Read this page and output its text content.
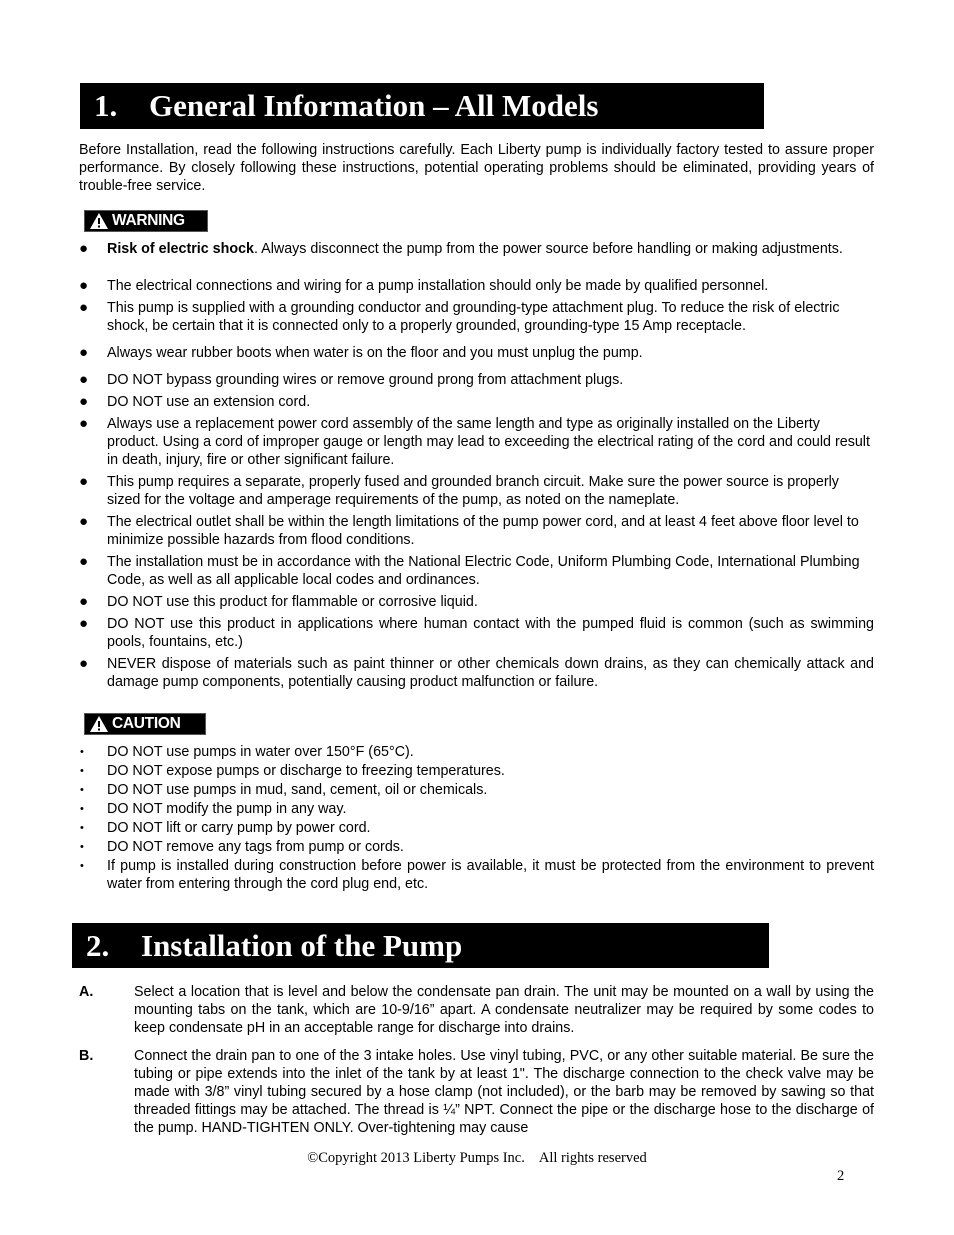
1.	General Information – All Models
Before Installation, read the following instructions carefully. Each Liberty pump is individually factory tested to assure proper performance. By closely following these instructions, potential operating problems should be eliminated, providing years of trouble-free service.
WARNING
●	Risk of electric shock. Always disconnect the pump from the power source before handling or making adjustments.
●	The electrical connections and wiring for a pump installation should only be made by qualified personnel.
●	This pump is supplied with a grounding conductor and grounding-type attachment plug. To reduce the risk of electric shock, be certain that it is connected only to a properly grounded, grounding-type 15 Amp receptacle.
●	Always wear rubber boots when water is on the floor and you must unplug the pump.
●	DO NOT bypass grounding wires or remove ground prong from attachment plugs.
●	DO NOT use an extension cord.
●	Always use a replacement power cord assembly of the same length and type as originally installed on the Liberty product. Using a cord of improper gauge or length may lead to exceeding the electrical rating of the cord and could result in death, injury, fire or other significant failure.
●	This pump requires a separate, properly fused and grounded branch circuit. Make sure the power source is properly sized for the voltage and amperage requirements of the pump, as noted on the nameplate.
●	The electrical outlet shall be within the length limitations of the pump power cord, and at least 4 feet above floor level to minimize possible hazards from flood conditions.
●	The installation must be in accordance with the National Electric Code, Uniform Plumbing Code, International Plumbing Code, as well as all applicable local codes and ordinances.
●	DO NOT use this product for flammable or corrosive liquid.
●	DO NOT use this product in applications where human contact with the pumped fluid is common (such as swimming pools, fountains, etc.)
●	NEVER dispose of materials such as paint thinner or other chemicals down drains, as they can chemically attack and damage pump components, potentially causing product malfunction or failure.
CAUTION
• DO NOT use pumps in water over 150°F (65°C).
• DO NOT expose pumps or discharge to freezing temperatures.
• DO NOT use pumps in mud, sand, cement, oil or chemicals.
• DO NOT modify the pump in any way.
• DO NOT lift or carry pump by power cord.
• DO NOT remove any tags from pump or cords.
• If pump is installed during construction before power is available, it must be protected from the environment to prevent water from entering through the cord plug end, etc.
2.	Installation of the Pump
A.	Select a location that is level and below the condensate pan drain. The unit may be mounted on a wall by using the mounting tabs on the tank, which are 10-9/16” apart. A condensate neutralizer may be required by some codes to keep condensate pH in an acceptable range for discharge into drains.
B.	Connect the drain pan to one of the 3 intake holes. Use vinyl tubing, PVC, or any other suitable material. Be sure the tubing or pipe extends into the inlet of the tank by at least 1". The discharge connection to the check valve may be made with 3/8” vinyl tubing secured by a hose clamp (not included), or the barb may be removed by sawing so that threaded fittings may be attached. The thread is ¼” NPT. Connect the pipe or the discharge hose to the discharge of the pump. HAND-TIGHTEN ONLY. Over-tightening may cause
©Copyright 2013 Liberty Pumps Inc. All rights reserved
2
